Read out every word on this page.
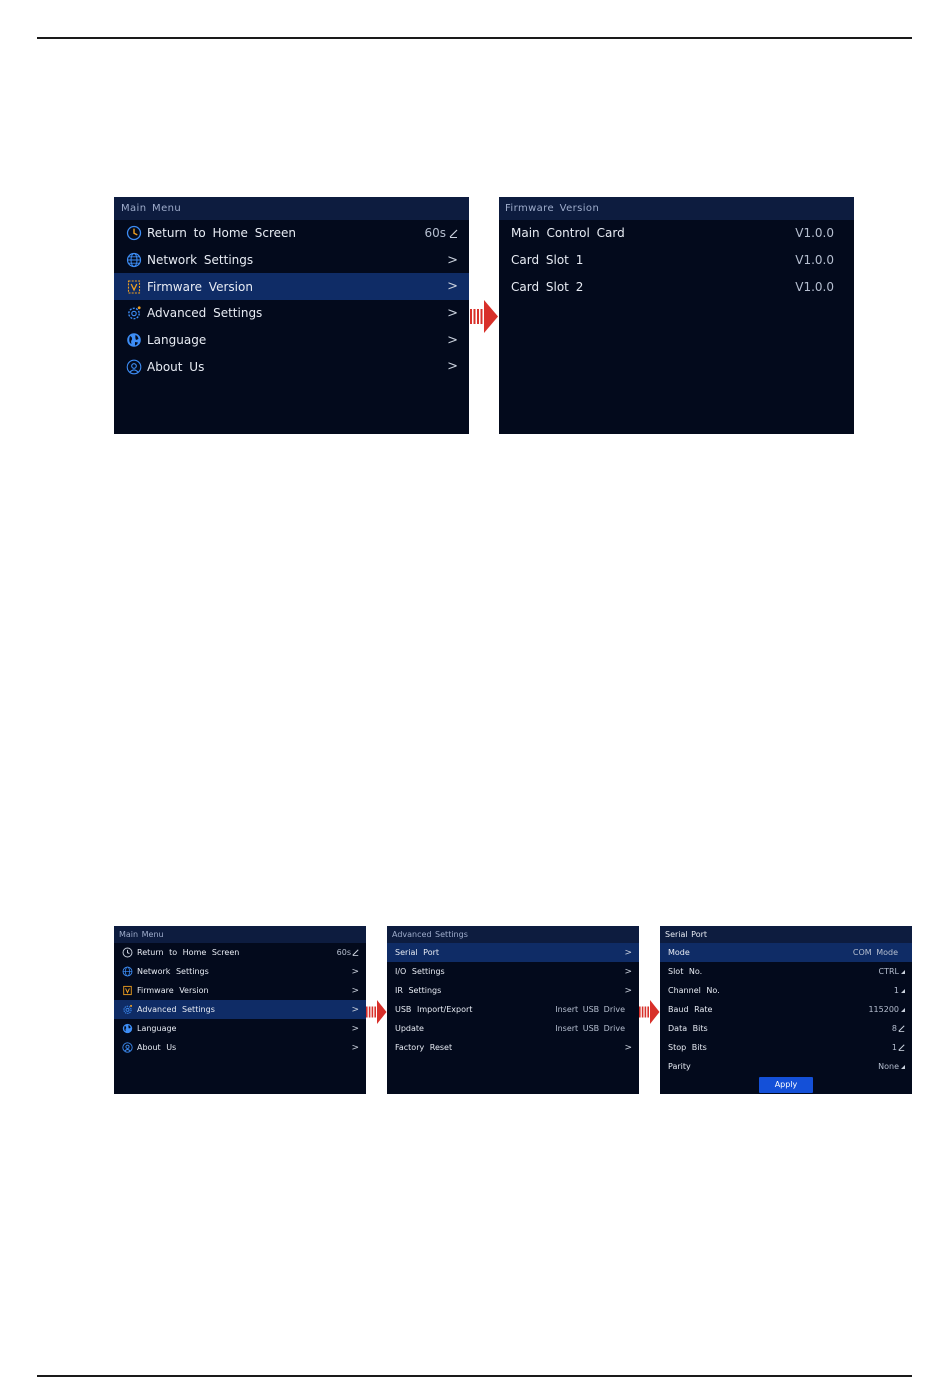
Main Menu
Return to Home Screen	60s
Network Settings	>
Firmware Version	>
Advanced Settings	>
Language	>
About Us	>
Firmware Version
Main Control Card	V1.0.0
Card Slot 1	V1.0.0
Card Slot 2	V1.0.0
Main Menu
Return to Home Screen	60s
Network Settings	>
Firmware Version	>
Advanced Settings	>
Language	>
About Us	>
Advanced Settings
Serial Port	>
I/O Settings	>
IR Settings	>
USB Import/Export	Insert USB Drive
Update	Insert USB Drive
Factory Reset	>
Serial Port
Mode	COM Mode
Slot No.	CTRL
Channel No.	1
Baud Rate	115200
Data Bits	8
Stop Bits	1
Parity	None
Apply
